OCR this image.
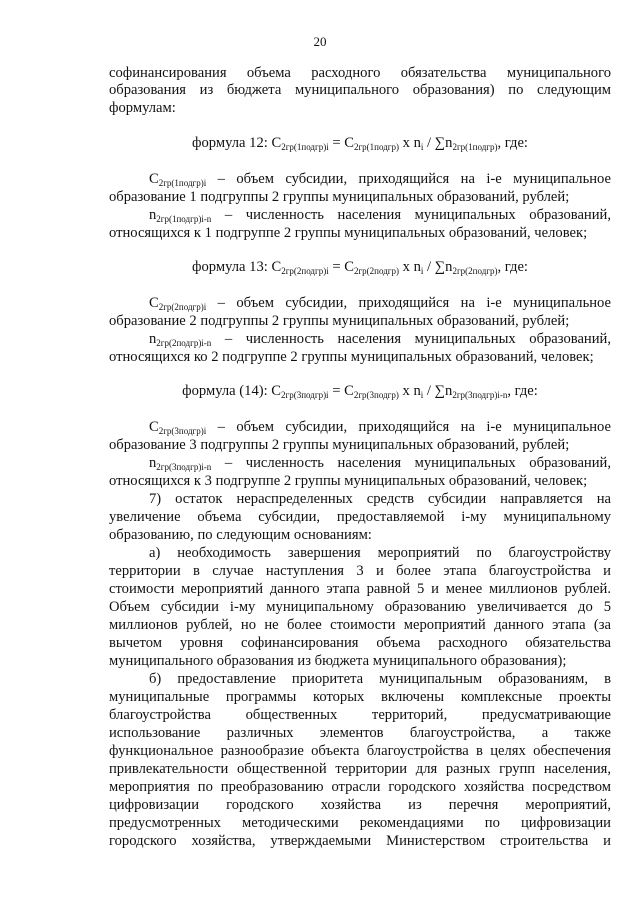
20
софинансирования объема расходного обязательства муниципального
образования из бюджета муниципального образования) по следующим
формулам:
формула 12: $C_{2гр(1подгр)i} = C_{2гр(1подгр)}$ x $n_i / \sum n_{2гр(1подгр)}$, где:
$C_{2гр(1подгр)i}$ – объем субсидии, приходящийся на i-е муниципальное
образование 1 подгруппы 2 группы муниципальных образований, рублей;
$n_{2гр(1подгр)i-n}$ – численность населения муниципальных образований,
относящихся к 1 подгруппе 2 группы муниципальных образований, человек;
формула 13: $C_{2гр(2подгр)i} = C_{2гр(2подгр)}$ x $n_i / \sum n_{2гр(2подгр)}$, где:
$C_{2гр(2подгр)i}$ – объем субсидии, приходящийся на i-е муниципальное
образование 2 подгруппы 2 группы муниципальных образований, рублей;
$n_{2гр(2подгр)i-n}$ – численность населения муниципальных образований,
относящихся ко 2 подгруппе 2 группы муниципальных образований, человек;
формула (14): $C_{2гр(3подгр)i} = C_{2гр(3подгр)}$ x $n_i / \sum n_{2гр(3подгр)i-n}$, где:
$C_{2гр(3подгр)i}$ – объем субсидии, приходящийся на i-е муниципальное
образование 3 подгруппы 2 группы муниципальных образований, рублей;
$n_{2гр(3подгр)i-n}$ – численность населения муниципальных образований,
относящихся к 3 подгруппе 2 группы муниципальных образований, человек;
7) остаток нераспределенных средств субсидии направляется на
увеличение объема субсидии, предоставляемой i-му муниципальному
образованию, по следующим основаниям:
а) необходимость завершения мероприятий по благоустройству
территории в случае наступления 3 и более этапа благоустройства и
стоимости мероприятий данного этапа равной 5 и менее миллионов рублей.
Объем субсидии i-му муниципальному образованию увеличивается до 5
миллионов рублей, но не более стоимости мероприятий данного этапа (за
вычетом уровня софинансирования объема расходного обязательства
муниципального образования из бюджета муниципального образования);
б) предоставление приоритета муниципальным образованиям, в
муниципальные программы которых включены комплексные проекты
благоустройства общественных территорий, предусматривающие
использование различных элементов благоустройства, а также
функциональное разнообразие объекта благоустройства в целях обеспечения
привлекательности общественной территории для разных групп населения,
мероприятия по преобразованию отрасли городского хозяйства посредством
цифровизации городского хозяйства из перечня мероприятий,
предусмотренных методическими рекомендациями по цифровизации
городского хозяйства, утверждаемыми Министерством строительства и
